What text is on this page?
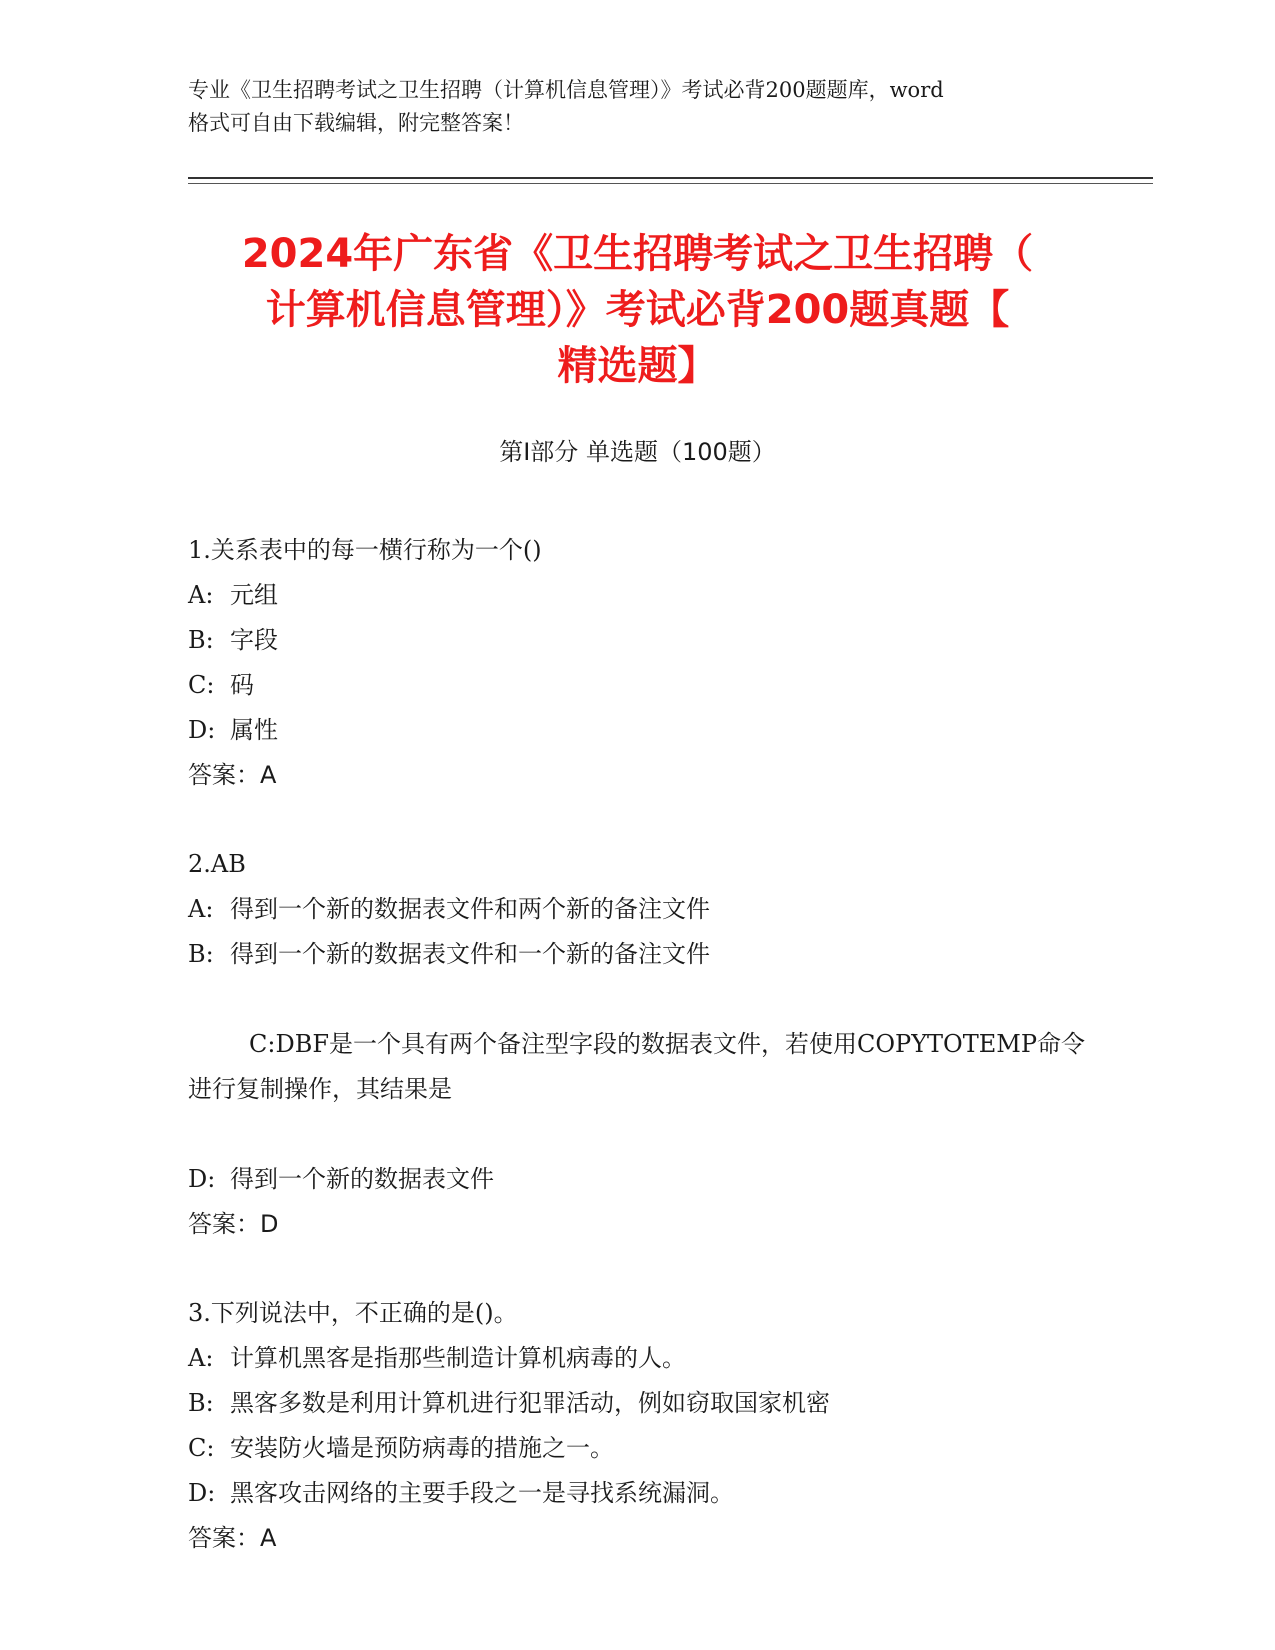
专业《卫生招聘考试之卫生招聘（计算机信息管理）》考试必背200题题库，word
格式可自由下载编辑，附完整答案！
2024年广东省《卫生招聘考试之卫生招聘（
计算机信息管理）》考试必背200题真题【
精选题】
第Ⅰ部分 单选题（100题）
1.关系表中的每一横行称为一个()
A: 元组
B: 字段
C: 码
D: 属性
答案：A
2.AB
A: 得到一个新的数据表文件和两个新的备注文件
B: 得到一个新的数据表文件和一个新的备注文件

C:DBF是一个具有两个备注型字段的数据表文件，若使用COPYTOTEMP命令进行复制操作，其结果是

D: 得到一个新的数据表文件
答案：D
3.下列说法中，不正确的是()。
A: 计算机黑客是指那些制造计算机病毒的人。
B: 黑客多数是利用计算机进行犯罪活动，例如窃取国家机密
C: 安装防火墙是预防病毒的措施之一。
D: 黑客攻击网络的主要手段之一是寻找系统漏洞。
答案：A
